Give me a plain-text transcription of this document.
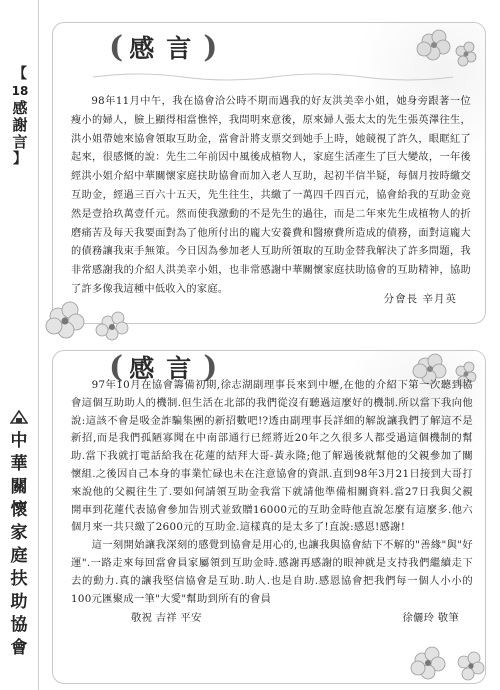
【
18
感謝言
】
中華關懷家庭扶助協會
( 感言 )
98年11月中午，我在協會洽公時不期而遇我的好友洪美幸小姐，她身旁跟著一位瘦小的婦人，臉上顯得相當憔悴，我問明來意後，原來婦人張太太的先生張英澤往生，洪小姐帶她來協會領取互助金，當會計將支票交到她手上時，她競視了許久，眼眶紅了起來，很感慨的說：先生二年前因中風後成植物人，家庭生活產生了巨大變故，一年後經洪小姐介紹中華關懷家庭扶助協會而加入老人互助，起初半信半疑，每個月按時繳交互助金，經過三百六十五天，先生往生，共繳了一萬四千四百元，協會給我的互助金竟然是壹拾玖萬壹仟元。然而使我激動的不是先生的過往，而是二年來先生成植物人的折磨痛苦及每天我要面對為了他所付出的龐大安養費和醫療費所造成的債務，面對這龐大的債務讓我束手無策。今日因為參加老人互助所領取的互助金替我解決了許多問題，我非常感謝我的介紹人洪美幸小姐，也非常感謝中華關懷家庭扶助協會的互助精神，協助了許多像我這種中低收入的家庭。
分會長 辛月英
( 感言 )
97年10月在協會籌備初期,徐志湖副理事長來到中壢,在他的介紹下第一次聽到協會這個互助助人的機制.但生活在北部的我們從沒有聽過這麼好的機制.所以當下我向他說:這該不會是吸金詐騙集團的新招數吧!?透由副理事長詳細的解說讓我們了解這不是新招,而是我們孤陋寡聞在中南部通行已經將近20年之久很多人都受過這個機制的幫助.當下我就打電話給我在花蓮的結拜大哥-黃永隆;他了解過後就幫他的父親參加了關懷組.之後因自己本身的事業忙碌也未在注意協會的資訊.直到98年3月21日接到大哥打來說他的父親往生了.要如何請領互助金我當下就請他準備相關資料.當27日我與父親開車到花蓮代表協會參加告別式並致贈16000元的互助金時他直說怎麼有這麼多.他六個月來一共只繳了2600元的互助金.這樣真的是太多了!直說:感恩!感謝!
這一刻開始讓我深刻的感覺到協會是用心的,也讓我與協會結下不解的"善緣"與"好運".一路走來每回當會員家屬領到互助金時.感謝再感謝的眼神就是支持我們繼續走下去的動力.真的讓我堅信協會是互助.助人.也是自助.感恩協會把我們每一個人小小的100元匯聚成一筆"大愛"幫助到所有的會員
敬祝 吉祥 平安	徐儷玲 敬筆
